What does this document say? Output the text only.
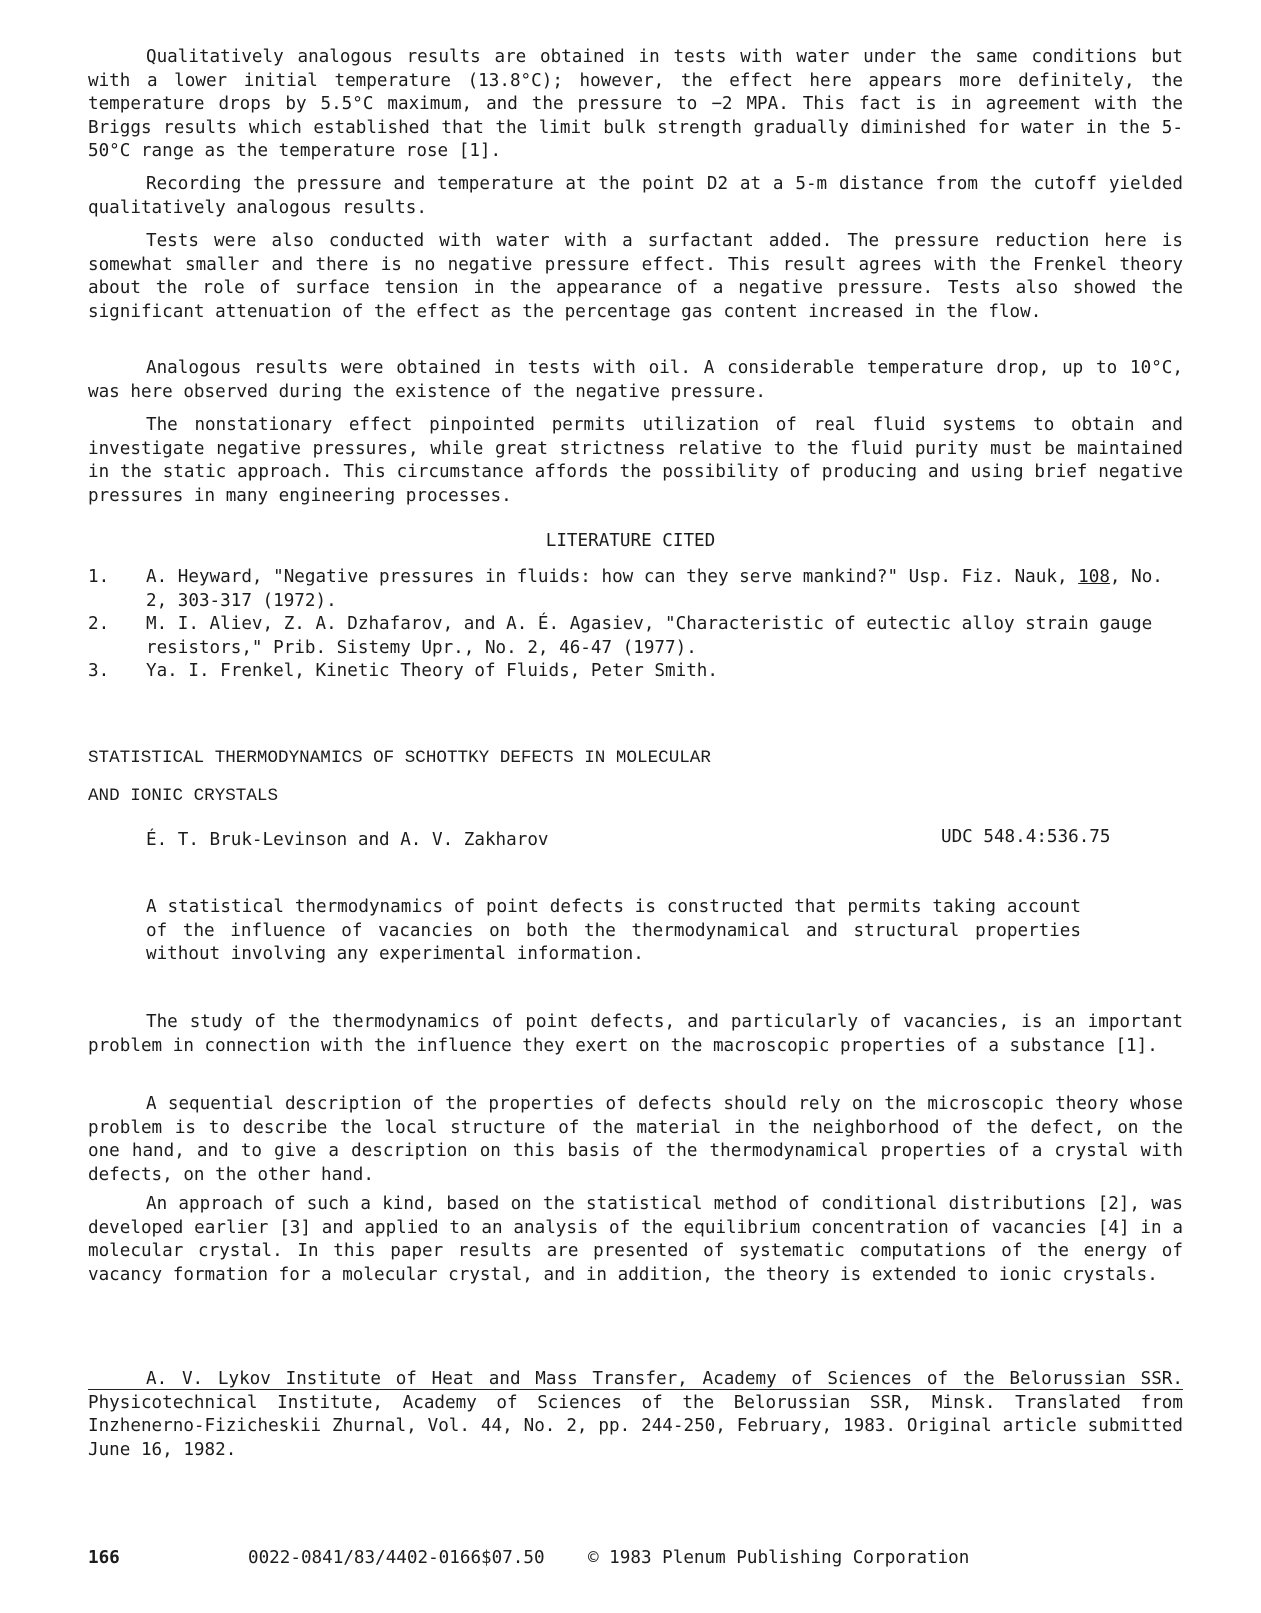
Qualitatively analogous results are obtained in tests with water under the same conditions but with a lower initial temperature (13.8°C); however, the effect here appears more definitely, the temperature drops by 5.5°C maximum, and the pressure to −2 MPA. This fact is in agreement with the Briggs results which established that the limit bulk strength gradually diminished for water in the 5-50°C range as the temperature rose [1].

Recording the pressure and temperature at the point D2 at a 5-m distance from the cutoff yielded qualitatively analogous results.

Tests were also conducted with water with a surfactant added. The pressure reduction here is somewhat smaller and there is no negative pressure effect. This result agrees with the Frenkel theory about the role of surface tension in the appearance of a negative pressure. Tests also showed the significant attenuation of the effect as the percentage gas content increased in the flow.

Analogous results were obtained in tests with oil. A considerable temperature drop, up to 10°C, was here observed during the existence of the negative pressure.

The nonstationary effect pinpointed permits utilization of real fluid systems to obtain and investigate negative pressures, while great strictness relative to the fluid purity must be maintained in the static approach. This circumstance affords the possibility of producing and using brief negative pressures in many engineering processes.

LITERATURE CITED
1. A. Heyward, "Negative pressures in fluids: how can they serve mankind?" Usp. Fiz. Nauk, 108, No. 2, 303-317 (1972).
2. M. I. Aliev, Z. A. Dzhafarov, and A. É. Agasiev, "Characteristic of eutectic alloy strain gauge resistors," Prib. Sistemy Upr., No. 2, 46-47 (1977).
3. Ya. I. Frenkel, Kinetic Theory of Fluids, Peter Smith.
STATISTICAL THERMODYNAMICS OF SCHOTTKY DEFECTS IN MOLECULAR
AND IONIC CRYSTALS
É. T. Bruk-Levinson and A. V. Zakharov	UDC 548.4:536.75

A statistical thermodynamics of point defects is constructed that permits taking account of the influence of vacancies on both the thermodynamical and structural properties without involving any experimental information.

The study of the thermodynamics of point defects, and particularly of vacancies, is an important problem in connection with the influence they exert on the macroscopic properties of a substance [1].

A sequential description of the properties of defects should rely on the microscopic theory whose problem is to describe the local structure of the material in the neighborhood of the defect, on the one hand, and to give a description on this basis of the thermodynamical properties of a crystal with defects, on the other hand.

An approach of such a kind, based on the statistical method of conditional distributions [2], was developed earlier [3] and applied to an analysis of the equilibrium concentration of vacancies [4] in a molecular crystal. In this paper results are presented of systematic computations of the energy of vacancy formation for a molecular crystal, and in addition, the theory is extended to ionic crystals.

A. V. Lykov Institute of Heat and Mass Transfer, Academy of Sciences of the Belorussian SSR. Physicotechnical Institute, Academy of Sciences of the Belorussian SSR, Minsk. Translated from Inzhenerno-Fizicheskii Zhurnal, Vol. 44, No. 2, pp. 244-250, February, 1983. Original article submitted June 16, 1982.

166	0022-0841/83/4402-0166$07.50 © 1983 Plenum Publishing Corporation
